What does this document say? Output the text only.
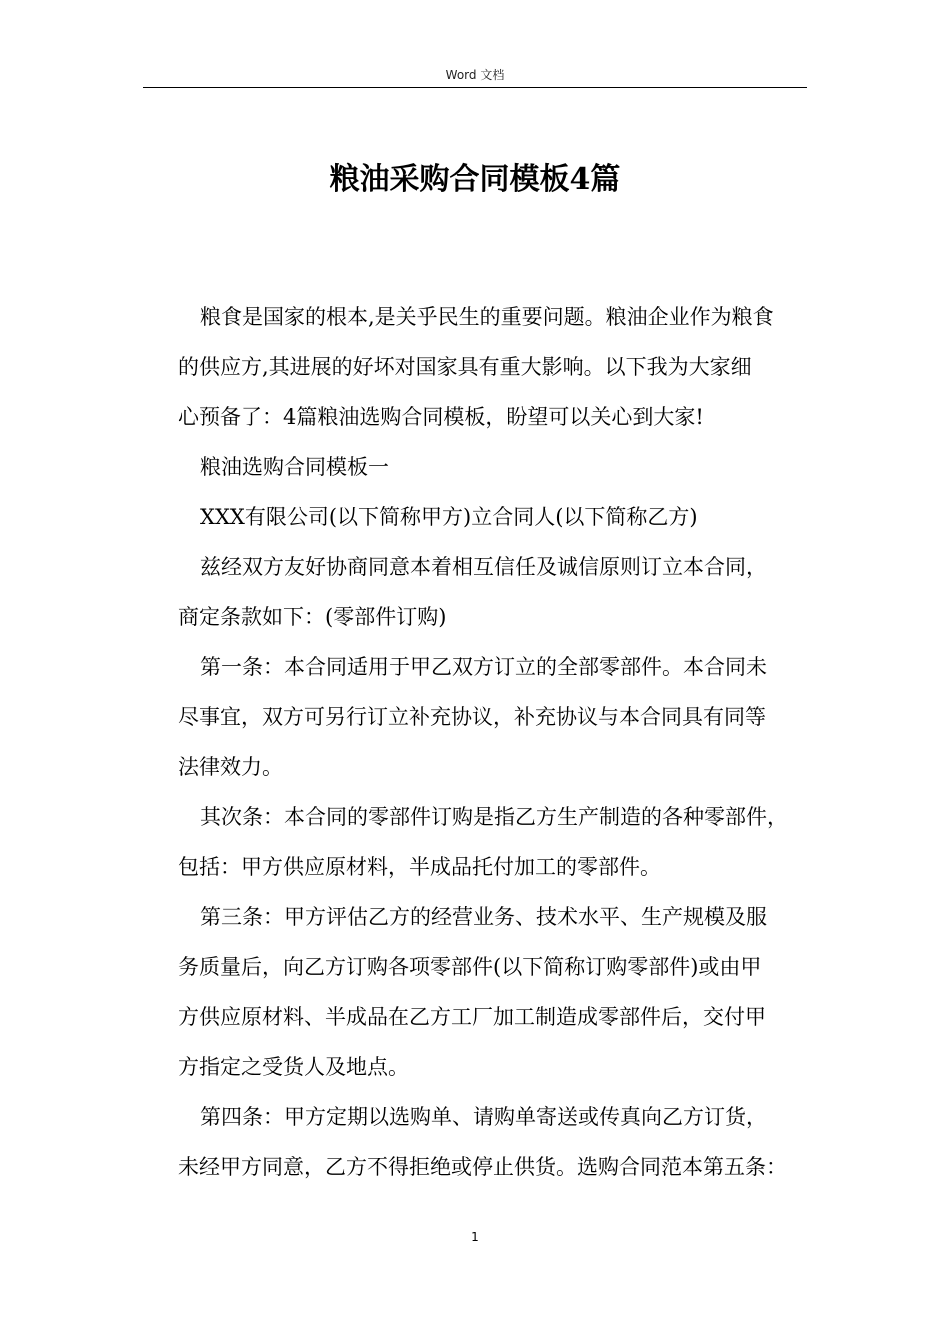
Word 文档
粮油采购合同模板4篇
粮食是国家的根本,是关乎民生的重要问题。粮油企业作为粮食
的供应方,其进展的好坏对国家具有重大影响。以下我为大家细
心预备了：4篇粮油选购合同模板，盼望可以关心到大家!
粮油选购合同模板一
XXX有限公司(以下简称甲方)立合同人(以下简称乙方)
兹经双方友好协商同意本着相互信任及诚信原则订立本合同，
商定条款如下：(零部件订购)
第一条：本合同适用于甲乙双方订立的全部零部件。本合同未
尽事宜，双方可另行订立补充协议，补充协议与本合同具有同等
法律效力。
其次条：本合同的零部件订购是指乙方生产制造的各种零部件，
包括：甲方供应原材料，半成品托付加工的零部件。
第三条：甲方评估乙方的经营业务、技术水平、生产规模及服
务质量后，向乙方订购各项零部件(以下简称订购零部件)或由甲
方供应原材料、半成品在乙方工厂加工制造成零部件后，交付甲
方指定之受货人及地点。
第四条：甲方定期以选购单、请购单寄送或传真向乙方订货，
未经甲方同意，乙方不得拒绝或停止供货。选购合同范本第五条：
1
